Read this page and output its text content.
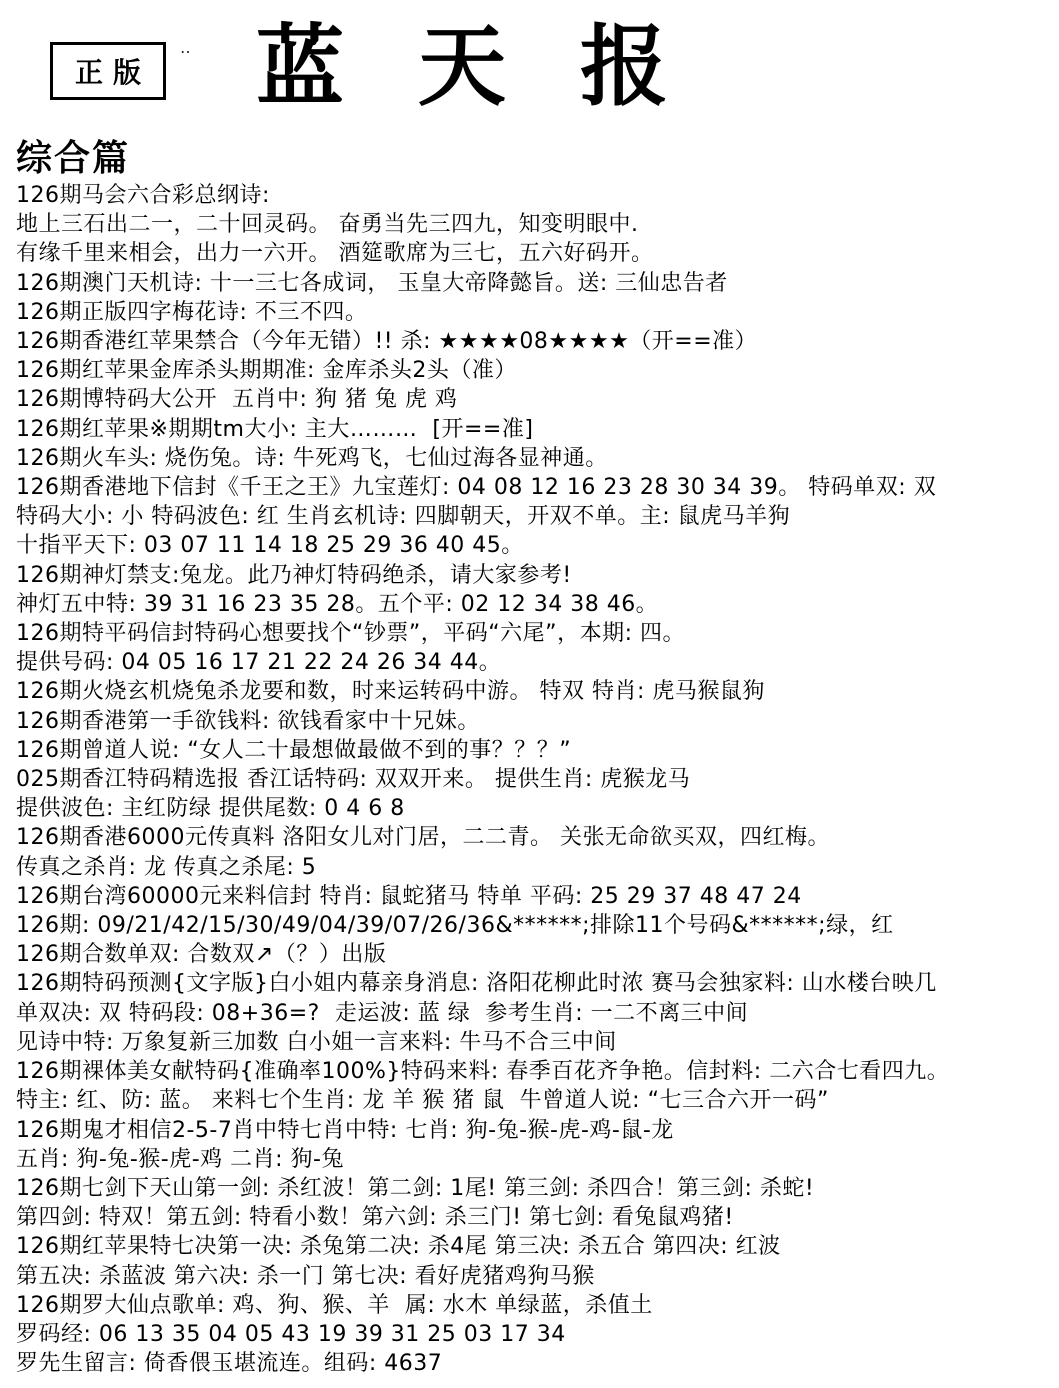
正版
‥ 蓝天报
综合篇
126期马会六合彩总纲诗:
地上三石出二一，二十回灵码。 奋勇当先三四九，知变明眼中.
有缘千里来相会，出力一六开。 酒筵歌席为三七，五六好码开。
126期澳门天机诗: 十一三七各成词， 玉皇大帝降懿旨。送: 三仙忠告者
126期正版四字梅花诗: 不三不四。
126期香港红苹果禁合（今年无错）!! 杀: ★★★★08★★★★（开==准）
126期红苹果金库杀头期期准: 金库杀头2头（准）
126期博特码大公开  五肖中: 狗 猪 兔 虎 鸡
126期红苹果※期期tm大小: 主大………  [开==准]
126期火车头: 烧伤兔。诗: 牛死鸡飞，七仙过海各显神通。
126期香港地下信封《千王之王》九宝莲灯: 04 08 12 16 23 28 30 34 39。 特码单双: 双
特码大小: 小 特码波色: 红 生肖玄机诗: 四脚朝天，开双不单。主: 鼠虎马羊狗
十指平天下: 03 07 11 14 18 25 29 36 40 45。
126期神灯禁支:兔龙。此乃神灯特码绝杀，请大家参考!
神灯五中特: 39 31 16 23 35 28。五个平: 02 12 34 38 46。
126期特平码信封特码心想要找个“钞票”，平码“六尾”，本期: 四。
提供号码: 04 05 16 17 21 22 24 26 34 44。
126期火烧玄机烧兔杀龙要和数，时来运转码中游。 特双 特肖: 虎马猴鼠狗
126期香港第一手欲钱料: 欲钱看家中十兄妹。
126期曾道人说: “女人二十最想做最做不到的事？？？”
025期香江特码精选报 香江话特码: 双双开来。 提供生肖: 虎猴龙马
提供波色: 主红防绿 提供尾数: 0 4 6 8
126期香港6000元传真料 洛阳女儿对门居，二二青。 关张无命欲买双，四红梅。
传真之杀肖: 龙 传真之杀尾: 5
126期台湾60000元来料信封 特肖: 鼠蛇猪马 特单 平码: 25 29 37 48 47 24
126期: 09/21/42/15/30/49/04/39/07/26/36&******;排除11个号码&******;绿，红
126期合数单双: 合数双↗（？）出版
126期特码预测{文字版}白小姐内幕亲身消息: 洛阳花柳此时浓 赛马会独家料: 山水楼台映几
单双决: 双 特码段: 08+36=?  走运波: 蓝 绿  参考生肖: 一二不离三中间
见诗中特: 万象复新三加数 白小姐一言来料: 牛马不合三中间
126期裸体美女献特码{准确率100%}特码来料: 春季百花齐争艳。信封料: 二六合七看四九。
特主: 红、防: 蓝。 来料七个生肖: 龙 羊 猴 猪 鼠  牛曾道人说: “七三合六开一码”
126期鬼才相信2-5-7肖中特七肖中特: 七肖: 狗-兔-猴-虎-鸡-鼠-龙
五肖: 狗-兔-猴-虎-鸡 二肖: 狗-兔
126期七剑下天山第一剑: 杀红波！第二剑: 1尾! 第三剑: 杀四合！第三剑: 杀蛇!
第四剑: 特双！第五剑: 特看小数！第六剑: 杀三门! 第七剑: 看兔鼠鸡猪!
126期红苹果特七决第一决: 杀兔第二决: 杀4尾 第三决: 杀五合 第四决: 红波
第五决: 杀蓝波 第六决: 杀一门 第七决: 看好虎猪鸡狗马猴
126期罗大仙点歌单: 鸡、狗、猴、羊  属: 水木 单绿蓝，杀值土
罗码经: 06 13 35 04 05 43 19 39 31 25 03 17 34
罗先生留言: 倚香偎玉堪流连。组码: 4637
